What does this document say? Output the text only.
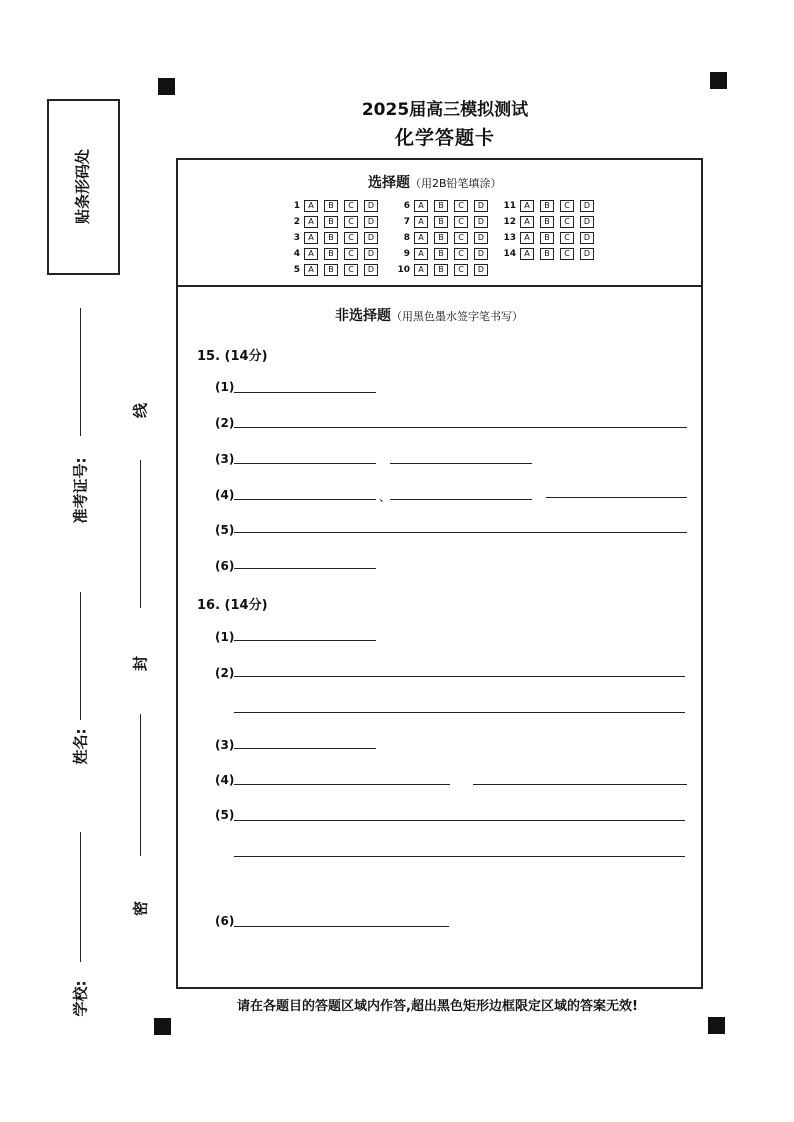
2025届高三模拟测试
化学答题卡
贴条形码处
准考证号:
姓名:
学校:
线
封
密
选择题（用2B铅笔填涂）
1	A	B	C	D
2	A	B	C	D
3	A	B	C	D
4	A	B	C	D
5	A	B	C	D
6	A	B	C	D
7	A	B	C	D
8	A	B	C	D
9	A	B	C	D
10	A	B	C	D
11	A	B	C	D
12	A	B	C	D
13	A	B	C	D
14	A	B	C	D
非选择题（用黑色墨水签字笔书写）
15. (14分)
(1)
(2)
(3)
(4)	、
(5)
(6)
16. (14分)
(1)
(2)
(3)
(4)
(5)
(6)
请在各题目的答题区域内作答,超出黑色矩形边框限定区域的答案无效!
